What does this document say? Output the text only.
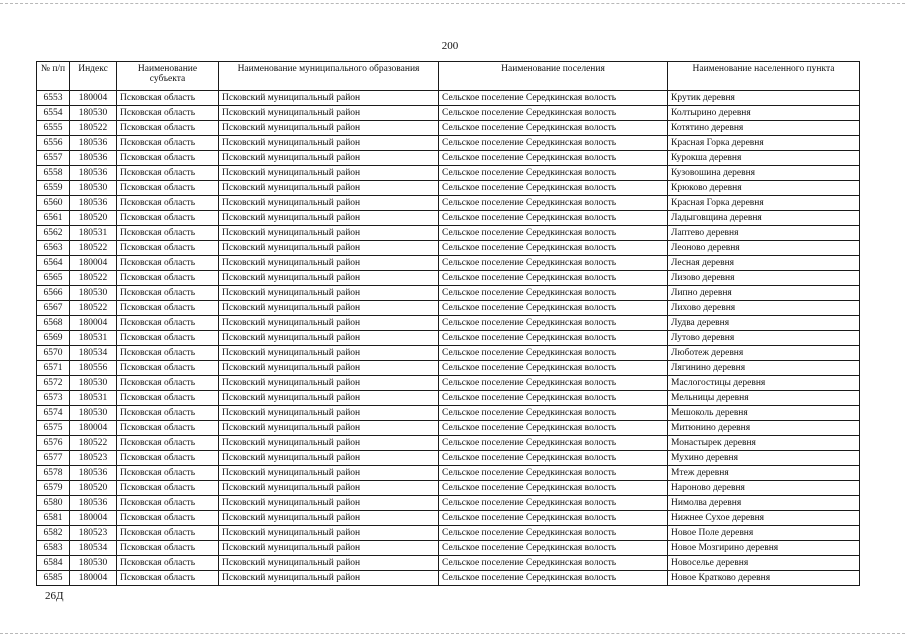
200
№ п/п	Индекс	Наименование субъекта	Наименование муниципального образования	Наименование поселения	Наименование населенного пункта
6553	180004	Псковская область	Псковский муниципальный район	Сельское поселение Середкинская волость	Крутик деревня
6554	180530	Псковская область	Псковский муниципальный район	Сельское поселение Середкинская волость	Колтырино деревня
6555	180522	Псковская область	Псковский муниципальный район	Сельское поселение Середкинская волость	Котятино деревня
6556	180536	Псковская область	Псковский муниципальный район	Сельское поселение Середкинская волость	Красная Горка деревня
6557	180536	Псковская область	Псковский муниципальный район	Сельское поселение Середкинская волость	Курокша деревня
6558	180536	Псковская область	Псковский муниципальный район	Сельское поселение Середкинская волость	Кузовошина деревня
6559	180530	Псковская область	Псковский муниципальный район	Сельское поселение Середкинская волость	Крюково деревня
6560	180536	Псковская область	Псковский муниципальный район	Сельское поселение Середкинская волость	Красная Горка деревня
6561	180520	Псковская область	Псковский муниципальный район	Сельское поселение Середкинская волость	Ладыговщина деревня
6562	180531	Псковская область	Псковский муниципальный район	Сельское поселение Середкинская волость	Лаптево деревня
6563	180522	Псковская область	Псковский муниципальный район	Сельское поселение Середкинская волость	Леоново деревня
6564	180004	Псковская область	Псковский муниципальный район	Сельское поселение Середкинская волость	Лесная деревня
6565	180522	Псковская область	Псковский муниципальный район	Сельское поселение Середкинская волость	Лизово деревня
6566	180530	Псковская область	Псковский муниципальный район	Сельское поселение Середкинская волость	Липно деревня
6567	180522	Псковская область	Псковский муниципальный район	Сельское поселение Середкинская волость	Лихово деревня
6568	180004	Псковская область	Псковский муниципальный район	Сельское поселение Середкинская волость	Лудва деревня
6569	180531	Псковская область	Псковский муниципальный район	Сельское поселение Середкинская волость	Лутово деревня
6570	180534	Псковская область	Псковский муниципальный район	Сельское поселение Середкинская волость	Люботеж деревня
6571	180556	Псковская область	Псковский муниципальный район	Сельское поселение Середкинская волость	Лягинино деревня
6572	180530	Псковская область	Псковский муниципальный район	Сельское поселение Середкинская волость	Маслогостицы деревня
6573	180531	Псковская область	Псковский муниципальный район	Сельское поселение Середкинская волость	Мельницы деревня
6574	180530	Псковская область	Псковский муниципальный район	Сельское поселение Середкинская волость	Мешоколь деревня
6575	180004	Псковская область	Псковский муниципальный район	Сельское поселение Середкинская волость	Митюнино деревня
6576	180522	Псковская область	Псковский муниципальный район	Сельское поселение Середкинская волость	Монастырек деревня
6577	180523	Псковская область	Псковский муниципальный район	Сельское поселение Середкинская волость	Мухино деревня
6578	180536	Псковская область	Псковский муниципальный район	Сельское поселение Середкинская волость	Мтеж деревня
6579	180520	Псковская область	Псковский муниципальный район	Сельское поселение Середкинская волость	Нароново деревня
6580	180536	Псковская область	Псковский муниципальный район	Сельское поселение Середкинская волость	Нимолва деревня
6581	180004	Псковская область	Псковский муниципальный район	Сельское поселение Середкинская волость	Нижнее Сухое деревня
6582	180523	Псковская область	Псковский муниципальный район	Сельское поселение Середкинская волость	Новое Поле деревня
6583	180534	Псковская область	Псковский муниципальный район	Сельское поселение Середкинская волость	Новое Мозгирино деревня
6584	180530	Псковская область	Псковский муниципальный район	Сельское поселение Середкинская волость	Новоселье деревня
6585	180004	Псковская область	Псковский муниципальный район	Сельское поселение Середкинская волость	Новое Кратково деревня
26Д
